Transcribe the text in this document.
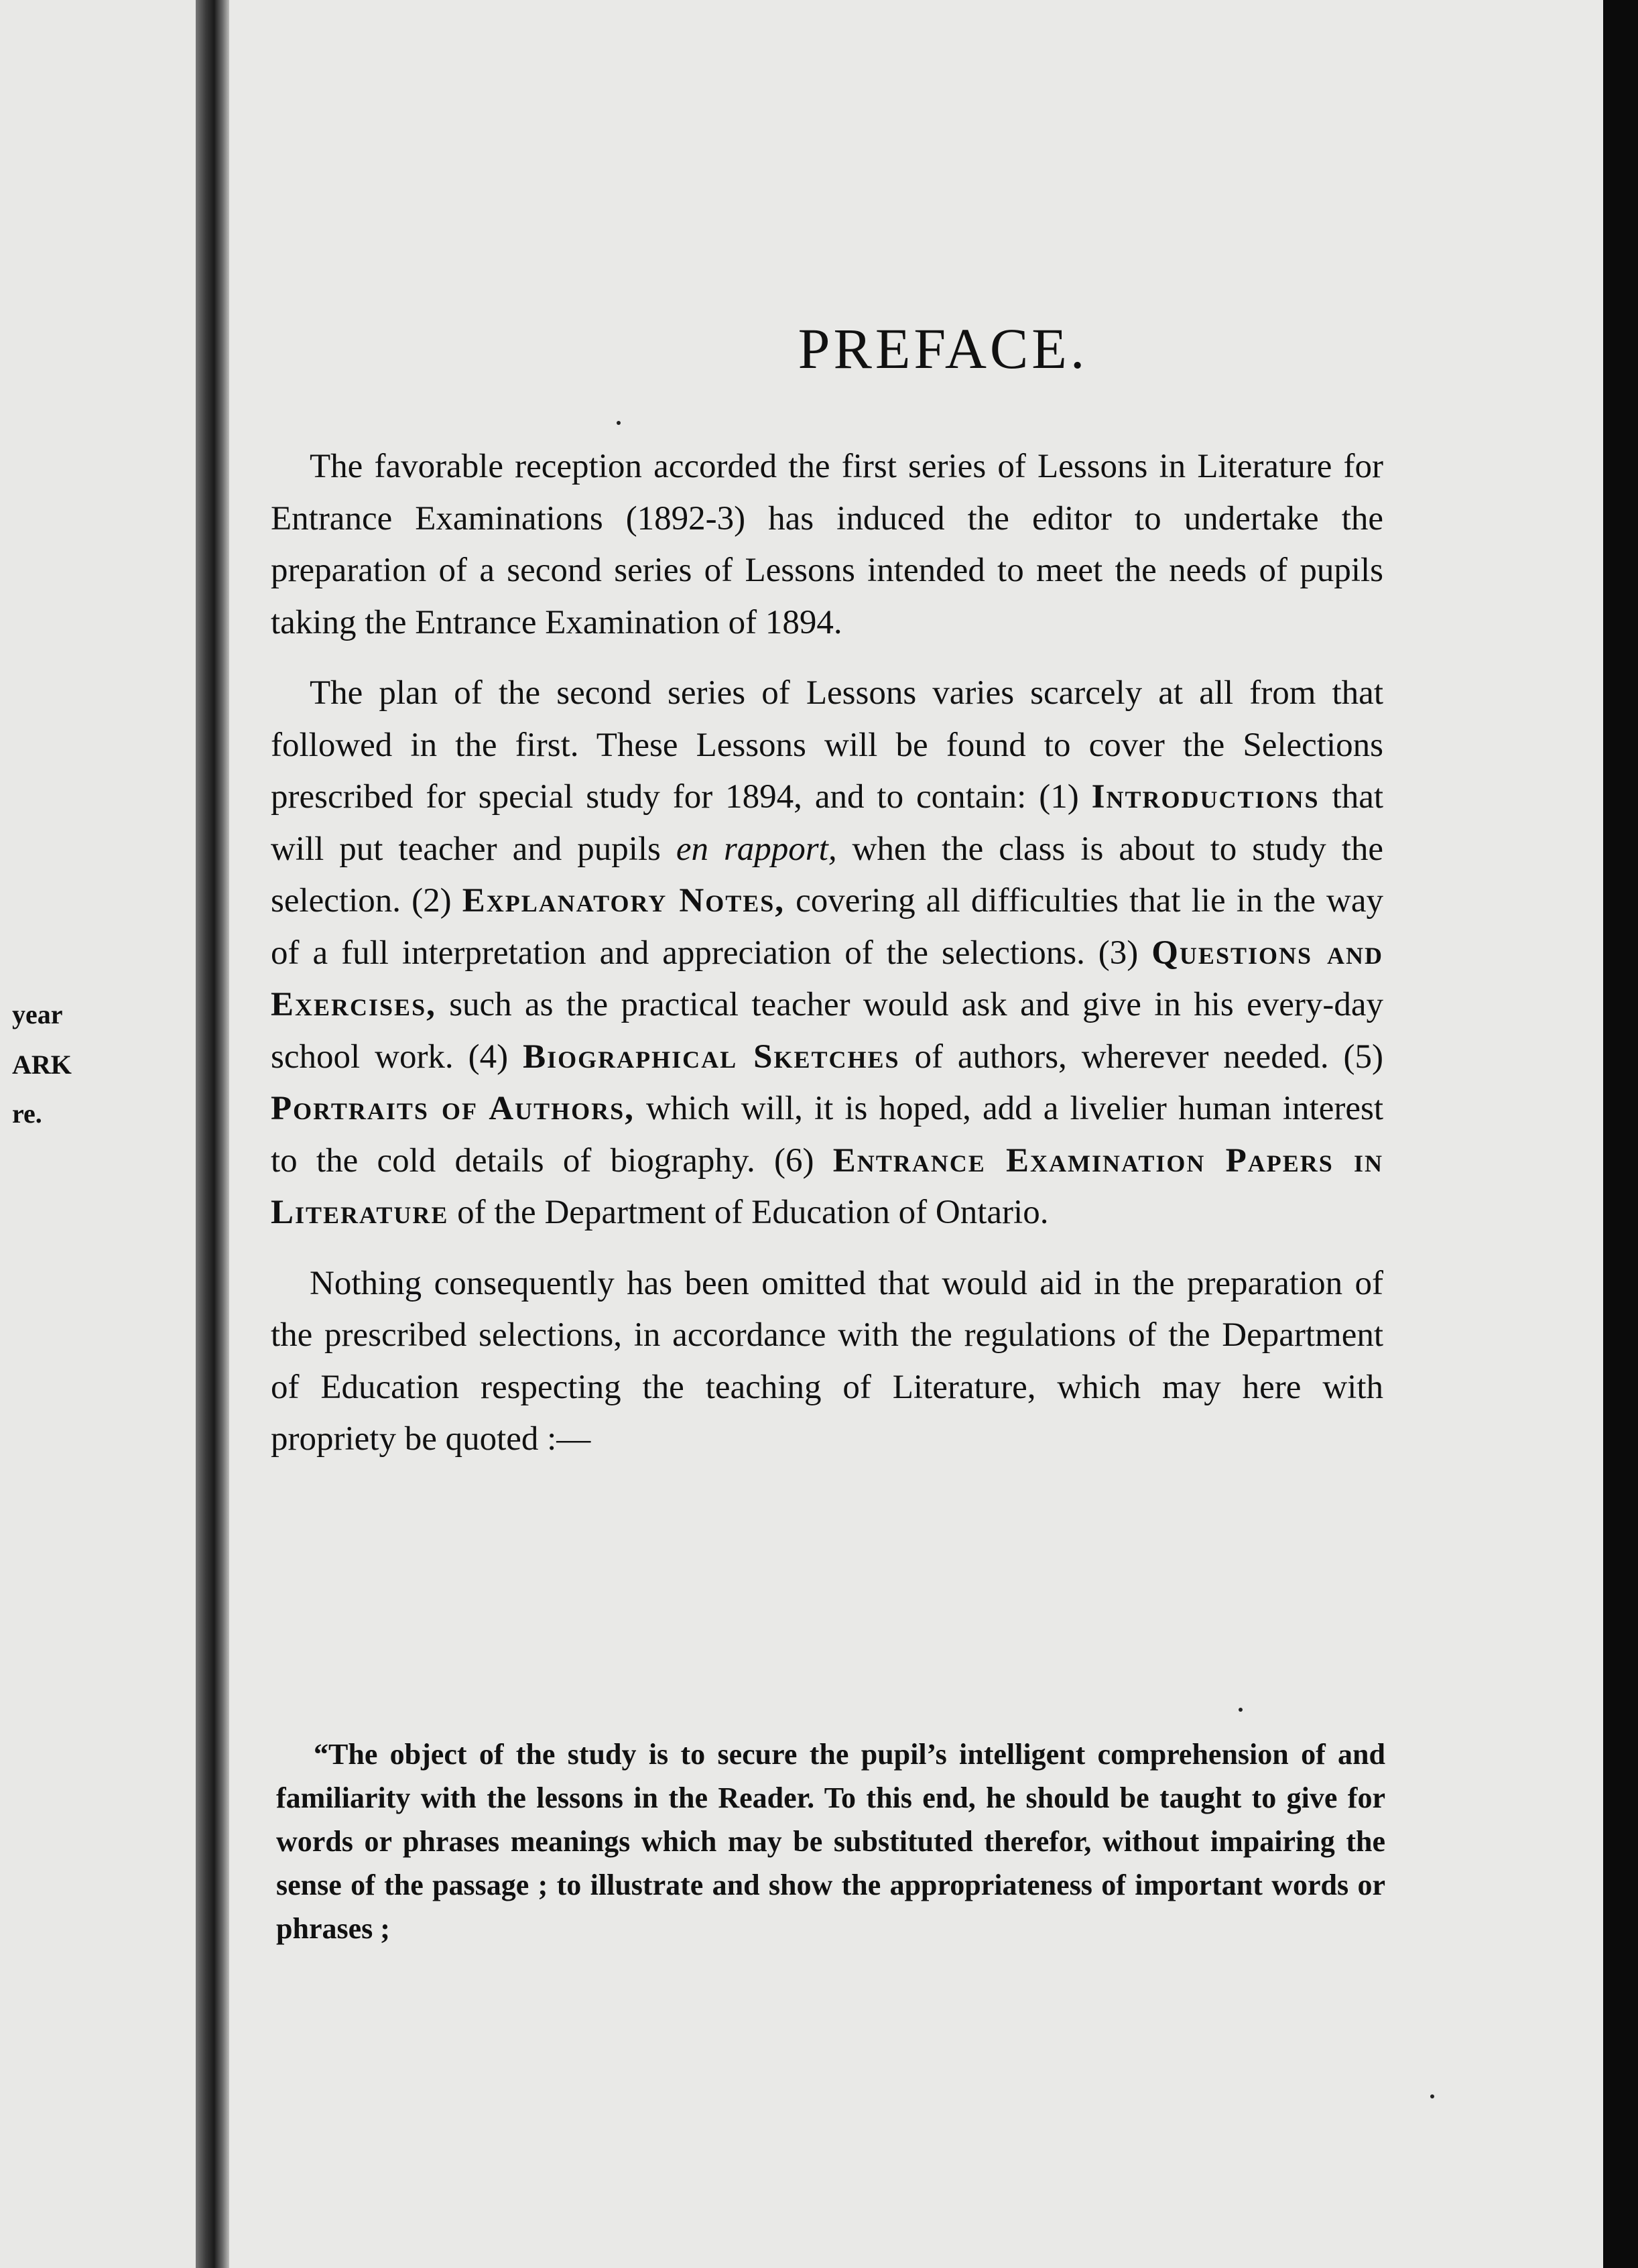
year

ARK

re.

PREFACE.

The favorable reception accorded the first series of Lessons in Literature for Entrance Examinations (1892-3) has induced the editor to undertake the preparation of a second series of Lessons intended to meet the needs of pupils taking the Entrance Examination of 1894.

The plan of the second series of Lessons varies scarcely at all from that followed in the first. These Lessons will be found to cover the Selections prescribed for special study for 1894, and to contain: (1) Introductions that will put teacher and pupils en rapport, when the class is about to study the selection. (2) Explanatory Notes, covering all difficulties that lie in the way of a full interpretation and appreciation of the selections. (3) Questions and Exercises, such as the practical teacher would ask and give in his every-day school work. (4) Biographical Sketches of authors, wherever needed. (5) Portraits of Authors, which will, it is hoped, add a livelier human interest to the cold details of biography. (6) Entrance Examination Papers in Literature of the Department of Education of Ontario.

Nothing consequently has been omitted that would aid in the preparation of the prescribed selections, in accordance with the regulations of the Department of Education respecting the teaching of Literature, which may here with propriety be quoted :—

“The object of the study is to secure the pupil’s intelligent comprehension of and familiarity with the lessons in the Reader. To this end, he should be taught to give for words or phrases meanings which may be substituted therefor, without impairing the sense of the passage ; to illustrate and show the appropriateness of important words or phrases ;
